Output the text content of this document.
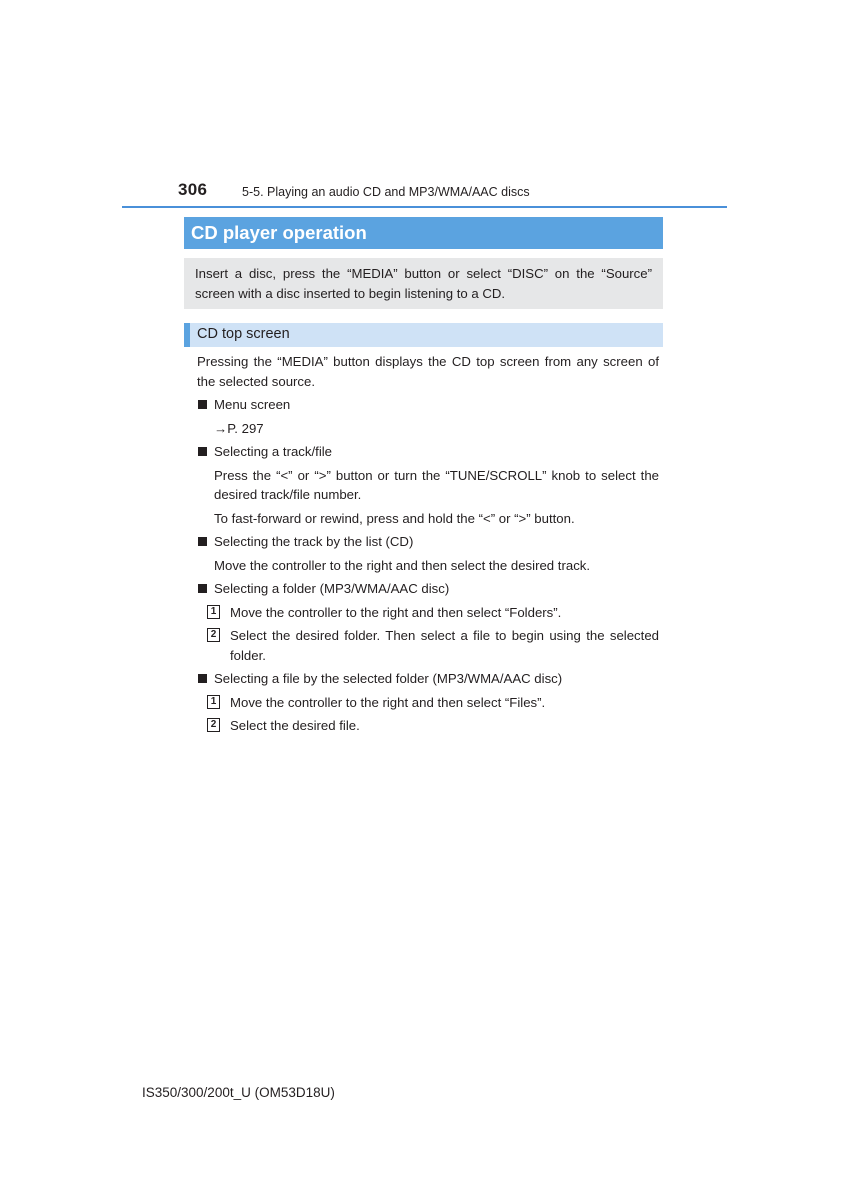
306	5-5. Playing an audio CD and MP3/WMA/AAC discs
CD player operation
Insert a disc, press the “MEDIA” button or select “DISC” on the “Source” screen with a disc inserted to begin listening to a CD.
CD top screen

Pressing the “MEDIA” button displays the CD top screen from any screen of the selected source.

Menu screen

→P. 297

Selecting a track/file

Press the “<” or “>” button or turn the “TUNE/SCROLL” knob to select the desired track/file number.

To fast-forward or rewind, press and hold the “<” or “>” button.

Selecting the track by the list (CD)

Move the controller to the right and then select the desired track.

Selecting a folder (MP3/WMA/AAC disc)

1 Move the controller to the right and then select “Folders”.

2 Select the desired folder. Then select a file to begin using the selected folder.

Selecting a file by the selected folder (MP3/WMA/AAC disc)

1 Move the controller to the right and then select “Files”.

2 Select the desired file.

IS350/300/200t_U (OM53D18U)
